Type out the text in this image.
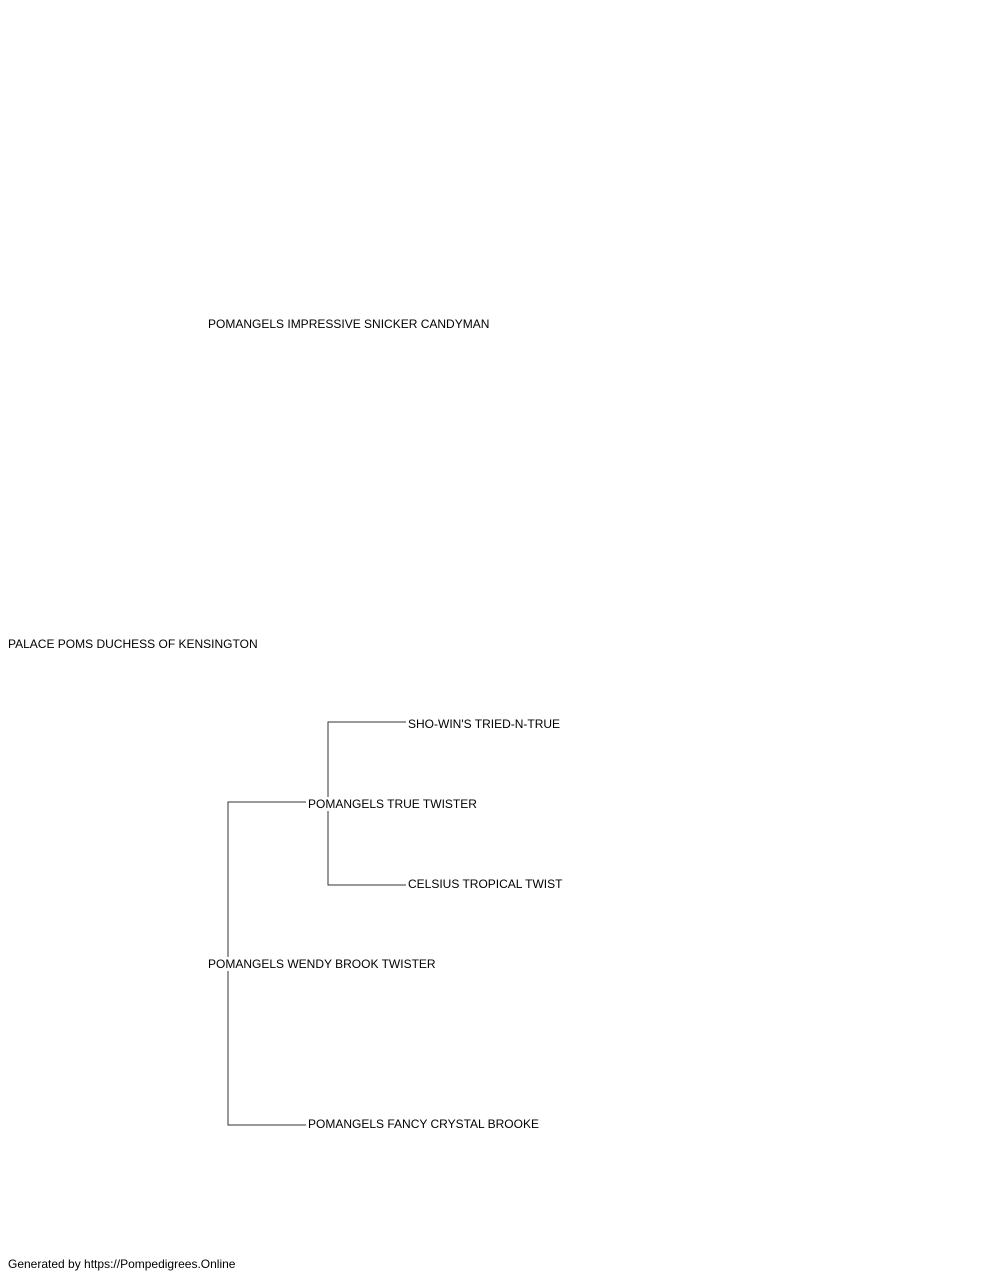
PALACE POMS DUCHESS OF KENSINGTON
POMANGELS IMPRESSIVE SNICKER CANDYMAN
POMANGELS WENDY BROOK TWISTER
POMANGELS TRUE TWISTER
POMANGELS FANCY CRYSTAL BROOKE
SHO-WIN'S TRIED-N-TRUE
CELSIUS TROPICAL TWIST
Generated by https://Pompedigrees.Online
